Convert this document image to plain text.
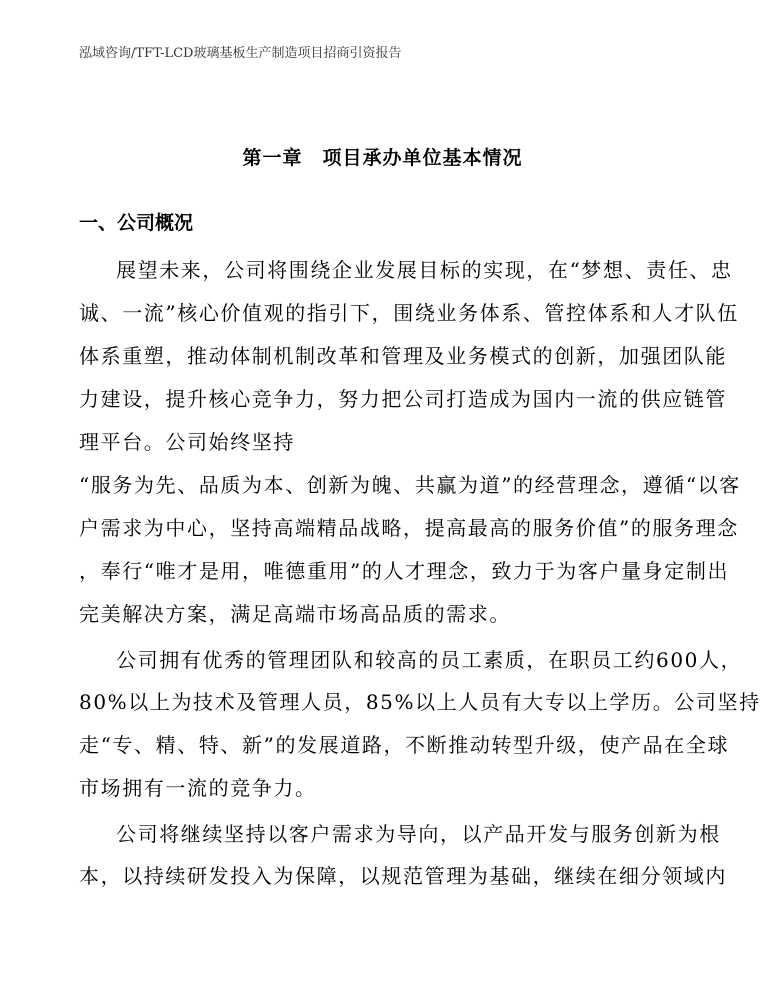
泓域咨询/TFT-LCD玻璃基板生产制造项目招商引资报告
第一章　项目承办单位基本情况
一、公司概况
展望未来，公司将围绕企业发展目标的实现，在“梦想、责任、忠
诚、一流”核心价值观的指引下，围绕业务体系、管控体系和人才队伍
体系重塑，推动体制机制改革和管理及业务模式的创新，加强团队能
力建设，提升核心竞争力，努力把公司打造成为国内一流的供应链管
理平台。公司始终坚持
“服务为先、品质为本、创新为魄、共赢为道”的经营理念，遵循“以客
户需求为中心，坚持高端精品战略，提高最高的服务价值”的服务理念
，奉行“唯才是用，唯德重用”的人才理念，致力于为客户量身定制出
完美解决方案，满足高端市场高品质的需求。
公司拥有优秀的管理团队和较高的员工素质，在职员工约600人，
80%以上为技术及管理人员，85%以上人员有大专以上学历。公司坚持
走“专、精、特、新”的发展道路，不断推动转型升级，使产品在全球
市场拥有一流的竞争力。
公司将继续坚持以客户需求为导向，以产品开发与服务创新为根
本，以持续研发投入为保障，以规范管理为基础，继续在细分领域内
